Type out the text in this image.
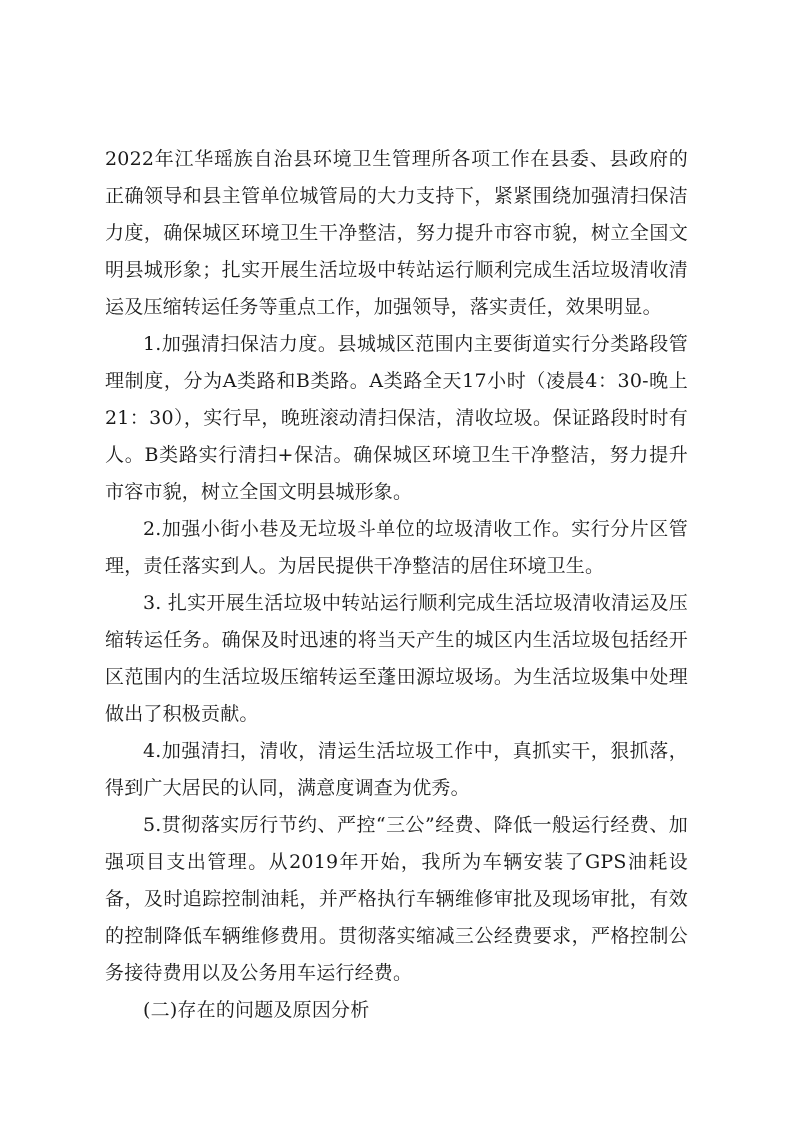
2022年江华瑶族自治县环境卫生管理所各项工作在县委、县政府的正确领导和县主管单位城管局的大力支持下，紧紧围绕加强清扫保洁力度，确保城区环境卫生干净整洁，努力提升市容市貌，树立全国文明县城形象；扎实开展生活垃圾中转站运行顺利完成生活垃圾清收清运及压缩转运任务等重点工作，加强领导，落实责任，效果明显。

1.加强清扫保洁力度。县城城区范围内主要街道实行分类路段管理制度，分为A类路和B类路。A类路全天17小时（凌晨4：30-晚上21：30），实行早，晚班滚动清扫保洁，清收垃圾。保证路段时时有人。B类路实行清扫+保洁。确保城区环境卫生干净整洁，努力提升市容市貌，树立全国文明县城形象。

2.加强小街小巷及无垃圾斗单位的垃圾清收工作。实行分片区管理，责任落实到人。为居民提供干净整洁的居住环境卫生。

3. 扎实开展生活垃圾中转站运行顺利完成生活垃圾清收清运及压缩转运任务。确保及时迅速的将当天产生的城区内生活垃圾包括经开区范围内的生活垃圾压缩转运至蓬田源垃圾场。为生活垃圾集中处理做出了积极贡献。

4.加强清扫，清收，清运生活垃圾工作中，真抓实干，狠抓落，得到广大居民的认同，满意度调查为优秀。

5.贯彻落实厉行节约、严控“三公”经费、降低一般运行经费、加强项目支出管理。从2019年开始，我所为车辆安装了GPS油耗设备，及时追踪控制油耗，并严格执行车辆维修审批及现场审批，有效的控制降低车辆维修费用。贯彻落实缩减三公经费要求，严格控制公务接待费用以及公务用车运行经费。

(二)存在的问题及原因分析
